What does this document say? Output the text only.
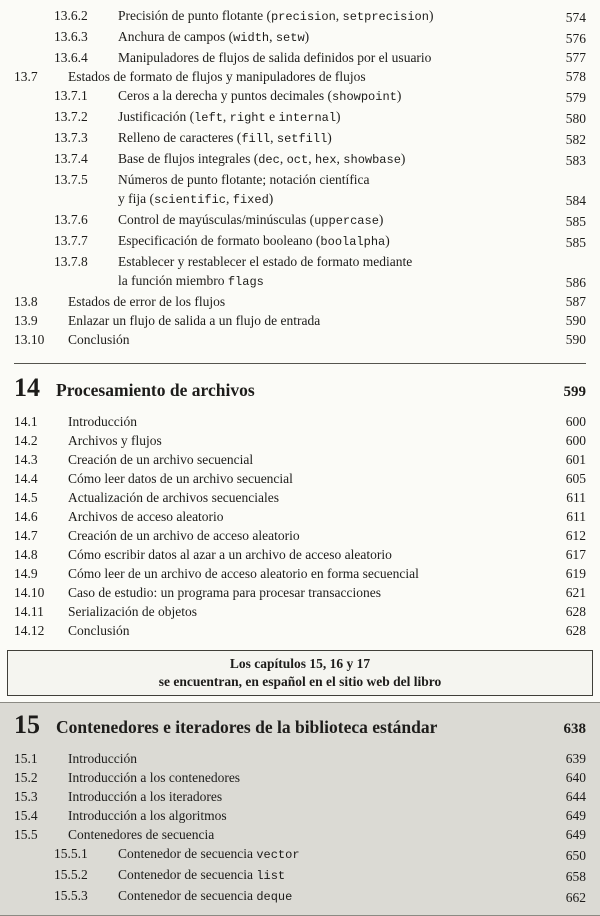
13.6.2	Precisión de punto flotante (precision, setprecision)	574
13.6.3	Anchura de campos (width, setw)	576
13.6.4	Manipuladores de flujos de salida definidos por el usuario	577
13.7	Estados de formato de flujos y manipuladores de flujos	578
13.7.1	Ceros a la derecha y puntos decimales (showpoint)	579
13.7.2	Justificación (left, right e internal)	580
13.7.3	Relleno de caracteres (fill, setfill)	582
13.7.4	Base de flujos integrales (dec, oct, hex, showbase)	583
13.7.5	Números de punto flotante; notación científica
y fija (scientific, fixed)	584
13.7.6	Control de mayúsculas/minúsculas (uppercase)	585
13.7.7	Especificación de formato booleano (boolalpha)	585
13.7.8	Establecer y restablecer el estado de formato mediante
la función miembro flags	586
13.8	Estados de error de los flujos	587
13.9	Enlazar un flujo de salida a un flujo de entrada	590
13.10	Conclusión	590
14 Procesamiento de archivos	599
14.1	Introducción	600
14.2	Archivos y flujos	600
14.3	Creación de un archivo secuencial	601
14.4	Cómo leer datos de un archivo secuencial	605
14.5	Actualización de archivos secuenciales	611
14.6	Archivos de acceso aleatorio	611
14.7	Creación de un archivo de acceso aleatorio	612
14.8	Cómo escribir datos al azar a un archivo de acceso aleatorio	617
14.9	Cómo leer de un archivo de acceso aleatorio en forma secuencial	619
14.10	Caso de estudio: un programa para procesar transacciones	621
14.11	Serialización de objetos	628
14.12	Conclusión	628
Los capítulos 15, 16 y 17
se encuentran, en español en el sitio web del libro
15 Contenedores e iteradores de la biblioteca estándar	638
15.1	Introducción	639
15.2	Introducción a los contenedores	640
15.3	Introducción a los iteradores	644
15.4	Introducción a los algoritmos	649
15.5	Contenedores de secuencia	649
15.5.1	Contenedor de secuencia vector	650
15.5.2	Contenedor de secuencia list	658
15.5.3	Contenedor de secuencia deque	662
